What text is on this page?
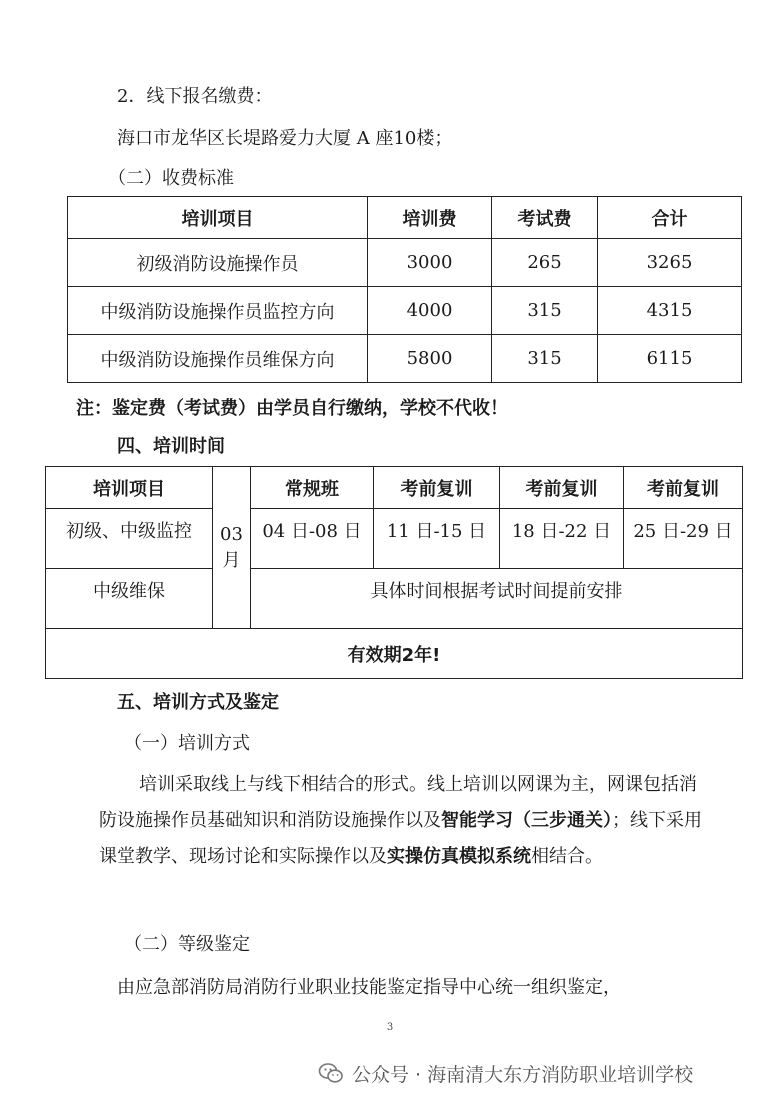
2．线下报名缴费：
海口市龙华区长堤路爱力大厦 A 座10楼；
（二）收费标准
培训项目	培训费	考试费	合计
初级消防设施操作员	3000	265	3265
中级消防设施操作员监控方向	4000	315	4315
中级消防设施操作员维保方向	5800	315	6115
注：鉴定费（考试费）由学员自行缴纳，学校不代收！
四、培训时间
培训项目	03月	常规班	考前复训	考前复训	考前复训
初级、中级监控		04 日-08 日	11 日-15 日	18 日-22 日	25 日-29 日
中级维保		具体时间根据考试时间提前安排			
有效期2年!					
五、培训方式及鉴定
（一）培训方式
培训采取线上与线下相结合的形式。线上培训以网课为主，网课包括消防设施操作员基础知识和消防设施操作以及智能学习（三步通关）；线下采用课堂教学、现场讨论和实际操作以及实操仿真模拟系统相结合。
（二）等级鉴定
由应急部消防局消防行业职业技能鉴定指导中心统一组织鉴定，
3
公众号 · 海南清大东方消防职业培训学校
